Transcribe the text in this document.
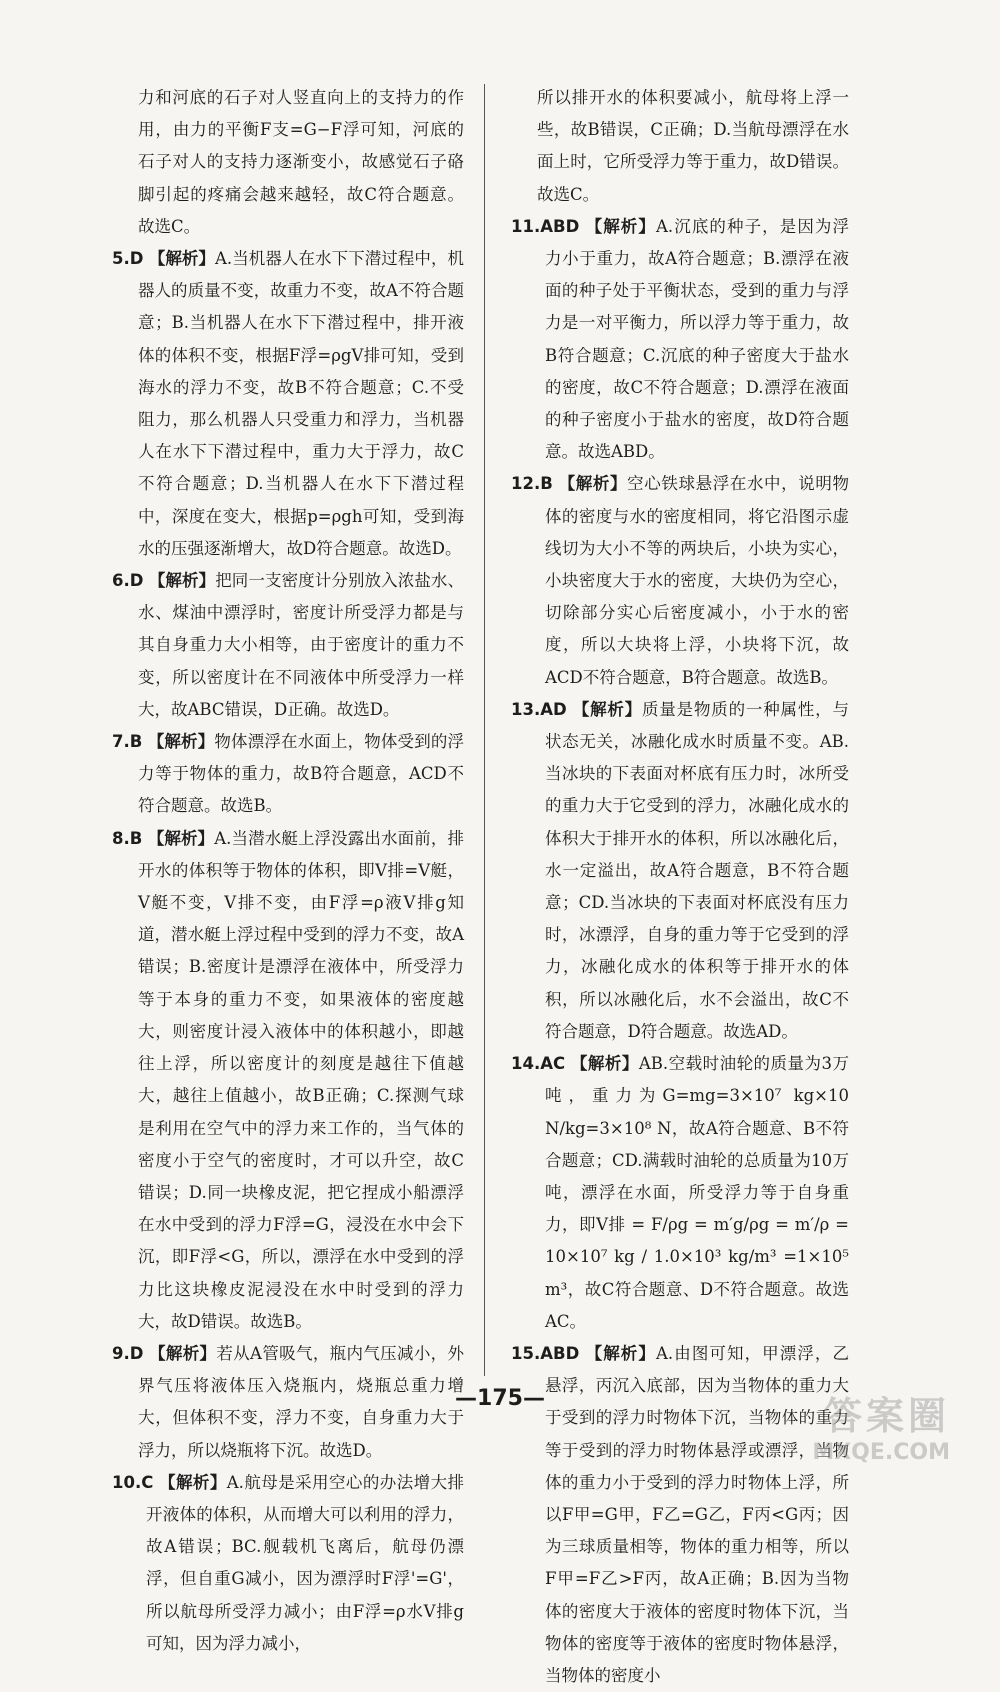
力和河底的石子对人竖直向上的支持力的作用，由力的平衡F支=G−F浮可知，河底的石子对人的支持力逐渐变小，故感觉石子硌脚引起的疼痛会越来越轻，故C符合题意。故选C。

5.D 【解析】A.当机器人在水下下潜过程中，机器人的质量不变，故重力不变，故A不符合题意；B.当机器人在水下下潜过程中，排开液体的体积不变，根据F浮=ρgV排可知，受到海水的浮力不变，故B不符合题意；C.不受阻力，那么机器人只受重力和浮力，当机器人在水下下潜过程中，重力大于浮力，故C不符合题意；D.当机器人在水下下潜过程中，深度在变大，根据p=ρgh可知，受到海水的压强逐渐增大，故D符合题意。故选D。

6.D 【解析】把同一支密度计分别放入浓盐水、水、煤油中漂浮时，密度计所受浮力都是与其自身重力大小相等，由于密度计的重力不变，所以密度计在不同液体中所受浮力一样大，故ABC错误，D正确。故选D。

7.B 【解析】物体漂浮在水面上，物体受到的浮力等于物体的重力，故B符合题意，ACD不符合题意。故选B。

8.B 【解析】A.当潜水艇上浮没露出水面前，排开水的体积等于物体的体积，即V排=V艇，V艇不变，V排不变，由F浮=ρ液V排g知道，潜水艇上浮过程中受到的浮力不变，故A错误；B.密度计是漂浮在液体中，所受浮力等于本身的重力不变，如果液体的密度越大，则密度计浸入液体中的体积越小，即越往上浮，所以密度计的刻度是越往下值越大，越往上值越小，故B正确；C.探测气球是利用在空气中的浮力来工作的，当气体的密度小于空气的密度时，才可以升空，故C错误；D.同一块橡皮泥，把它捏成小船漂浮在水中受到的浮力F浮=G，浸没在水中会下沉，即F浮<G，所以，漂浮在水中受到的浮力比这块橡皮泥浸没在水中时受到的浮力大，故D错误。故选B。

9.D 【解析】若从A管吸气，瓶内气压减小，外界气压将液体压入烧瓶内，烧瓶总重力增大，但体积不变，浮力不变，自身重力大于浮力，所以烧瓶将下沉。故选D。

10.C 【解析】A.航母是采用空心的办法增大排开液体的体积，从而增大可以利用的浮力，故A错误；BC.舰载机飞离后，航母仍漂浮，但自重G减小，因为漂浮时F浮'=G'，所以航母所受浮力减小；由F浮=ρ水V排g可知，因为浮力减小，

所以排开水的体积要减小，航母将上浮一些，故B错误，C正确；D.当航母漂浮在水面上时，它所受浮力等于重力，故D错误。故选C。

11.ABD 【解析】A.沉底的种子，是因为浮力小于重力，故A符合题意；B.漂浮在液面的种子处于平衡状态，受到的重力与浮力是一对平衡力，所以浮力等于重力，故B符合题意；C.沉底的种子密度大于盐水的密度，故C不符合题意；D.漂浮在液面的种子密度小于盐水的密度，故D符合题意。故选ABD。

12.B 【解析】空心铁球悬浮在水中，说明物体的密度与水的密度相同，将它沿图示虚线切为大小不等的两块后，小块为实心，小块密度大于水的密度，大块仍为空心，切除部分实心后密度减小，小于水的密度，所以大块将上浮，小块将下沉，故ACD不符合题意，B符合题意。故选B。

13.AD 【解析】质量是物质的一种属性，与状态无关，冰融化成水时质量不变。AB.当冰块的下表面对杯底有压力时，冰所受的重力大于它受到的浮力，冰融化成水的体积大于排开水的体积，所以冰融化后，水一定溢出，故A符合题意，B不符合题意；CD.当冰块的下表面对杯底没有压力时，冰漂浮，自身的重力等于它受到的浮力，冰融化成水的体积等于排开水的体积，所以冰融化后，水不会溢出，故C不符合题意，D符合题意。故选AD。

14.AC 【解析】AB.空载时油轮的质量为3万吨，重力为G=mg=3×10⁷ kg×10 N/kg=3×10⁸ N，故A符合题意、B不符合题意；CD.满载时油轮的总质量为10万吨，漂浮在水面，所受浮力等于自身重力，即V排 = F/ρg = m′g/ρg = m′/ρ = 10×10⁷ kg / 1.0×10³ kg/m³ =1×10⁵ m³，故C符合题意、D不符合题意。故选AC。

15.ABD 【解析】A.由图可知，甲漂浮，乙悬浮，丙沉入底部，因为当物体的重力大于受到的浮力时物体下沉，当物体的重力等于受到的浮力时物体悬浮或漂浮，当物体的重力小于受到的浮力时物体上浮，所以F甲=G甲，F乙=G乙，F丙<G丙；因为三球质量相等，物体的重力相等，所以F甲=F乙>F丙，故A正确；B.因为当物体的密度大于液体的密度时物体下沉，当物体的密度等于液体的密度时物体悬浮，当物体的密度小

—175—	答案圈
MXQE.COM
